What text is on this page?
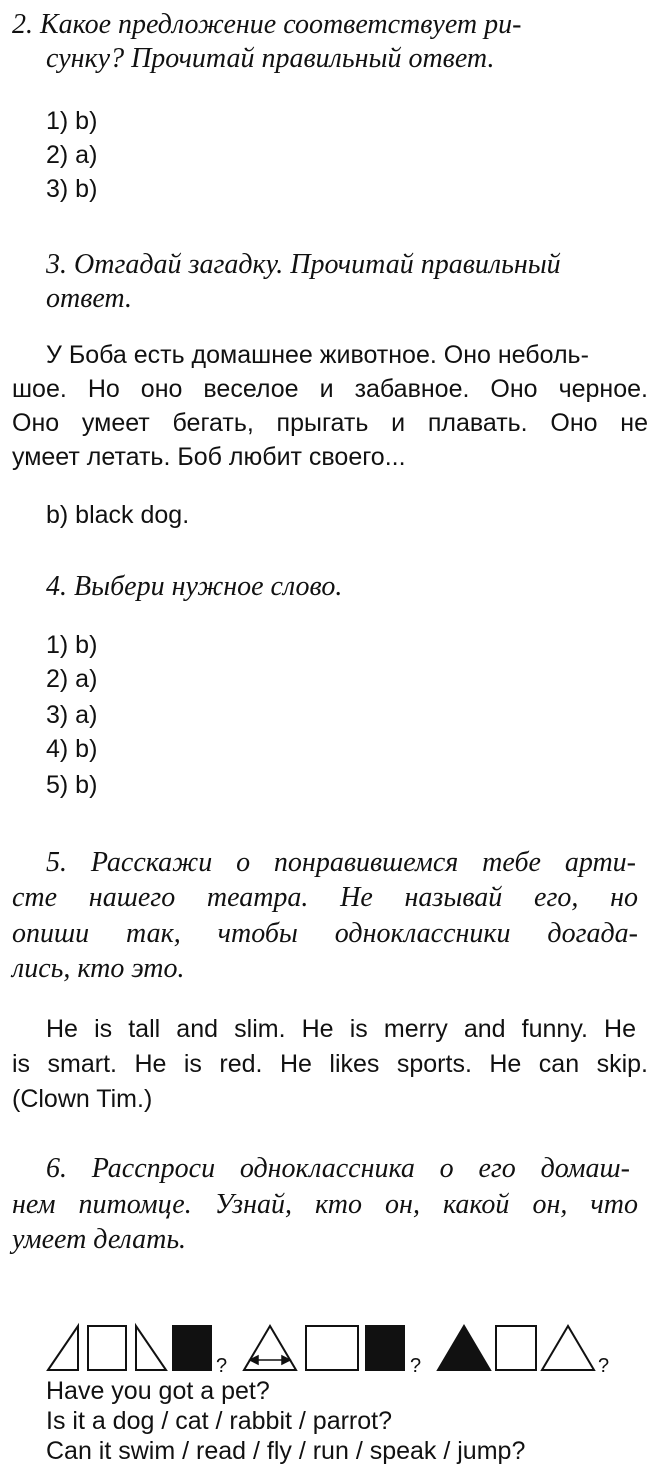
2. Какое предложение соответствует ри-
сунку? Прочитай правильный ответ.
1) b)
2) а)
3) b)
3. Отгадай загадку. Прочитай правильный
ответ.
У Боба есть домашнее животное. Оно неболь-
шое. Но оно веселое и забавное. Оно черное.
Оно умеет бегать, прыгать и плавать. Оно не
умеет летать. Боб любит своего...
b) black dog.
4. Выбери нужное слово.
1) b)
2) а)
3) а)
4) b)
5) b)
5. Расскажи о понравившемся тебе арти-
сте нашего театра. Не называй его, но
опиши так, чтобы одноклассники догада-
лись, кто это.
He is tall and slim. He is merry and funny. He
is smart. He is red. He likes sports. He can skip.
(Clown Tim.)
6. Расспроси одноклассника о его домаш-
нем питомце. Узнай, кто он, какой он, что
умеет делать.
?	?	?
Have you got a pet?
Is it a dog / cat / rabbit / parrot?
Can it swim / read / fly / run / speak / jump?
